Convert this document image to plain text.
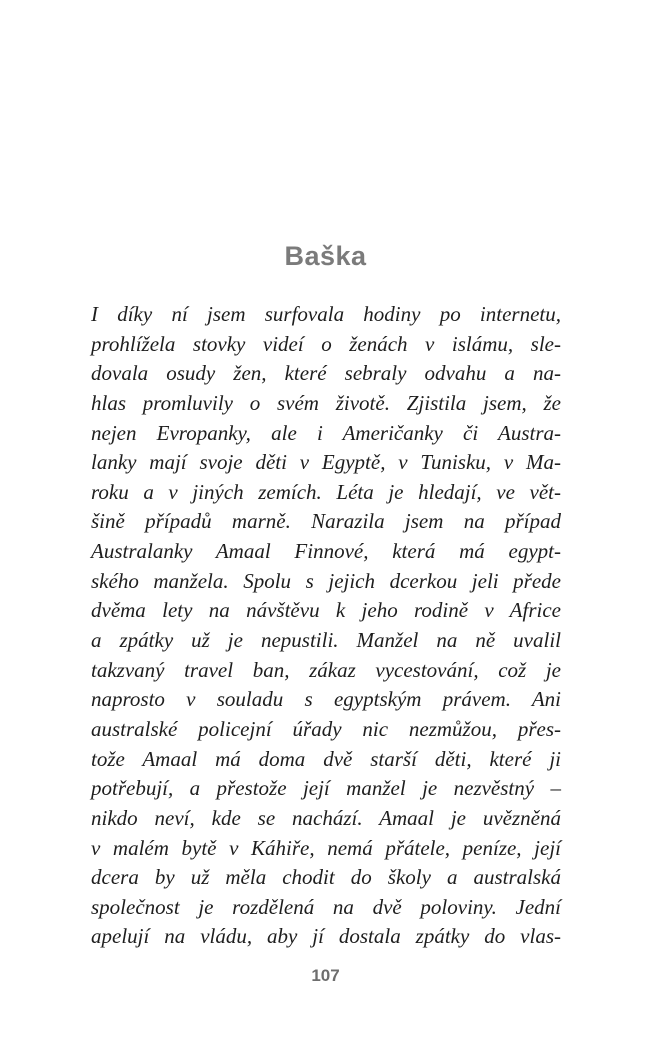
Baška
I díky ní jsem surfovala hodiny po internetu,
prohlížela stovky videí o ženách v islámu, sle-
dovala osudy žen, které sebraly odvahu a na-
hlas promluvily o svém životě. Zjistila jsem, že
nejen Evropanky, ale i Američanky či Austra-
lanky mají svoje děti v Egyptě, v Tunisku, v Ma-
roku a v jiných zemích. Léta je hledají, ve vět-
šině případů marně. Narazila jsem na případ
Australanky Amaal Finnové, která má egypt-
ského manžela. Spolu s jejich dcerkou jeli přede
dvěma lety na návštěvu k jeho rodině v Africe
a zpátky už je nepustili. Manžel na ně uvalil
takzvaný travel ban, zákaz vycestování, což je
naprosto v souladu s egyptským právem. Ani
australské policejní úřady nic nezmůžou, přes-
tože Amaal má doma dvě starší děti, které ji
potřebují, a přestože její manžel je nezvěstný –
nikdo neví, kde se nachází. Amaal je uvězněná
v malém bytě v Káhiře, nemá přátele, peníze, její
dcera by už měla chodit do školy a australská
společnost je rozdělená na dvě poloviny. Jední
apelují na vládu, aby jí dostala zpátky do vlas-
107
